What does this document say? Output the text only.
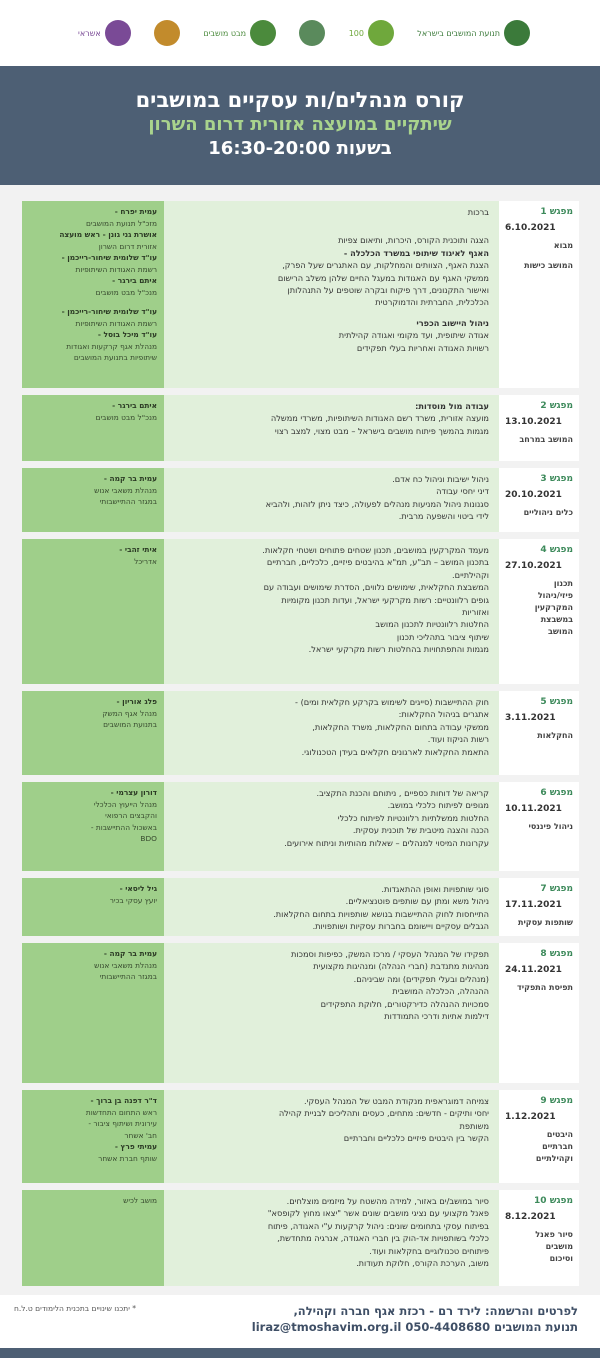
תנועת המושבים בישראל
100
מבט מושבים
אשראי
קורס מנהלים/ות עסקיים במושבים
שיתקיים במועצה אזורית דרום השרון
בשעות 16:30-20:00
מפגש 1
6.10.2021
מבוא
המושב כישות

ברכות

הצגה ותוכנית הקורס, היכרות, ותיאום צפיות

האגף לאיגוד שיתופי במשרד הכלכלה -

הצגת האגף, הצוותים והמחלקות, עם האתגרים שעל הפרק,

ממשקי האגף עם האגודות במעגל החיים שלהן משלב הרישום

ואישור התקנונים, דרך פיקוח ובקרה שוטפים על התנהלותן

הכלכלית, החברתית והדמוקרטית

ניהול היישוב הכפרי

אגודה שיתופית, ועד מקומי ואגודה קהילתית

רשויות האגודה ואחריות בעלי תפקידים

עמית יפרח -
מזכ"ל תנועת המושבים
אושרת גני גונן - ראש מועצה
אזורית דרום השרון
עו"ד שלומית שיחור-רייכמן -
רשמת האגודות השיתופיות
איתם בירגר -
מנכ"ל מבט מושבים
עו"ד שלומית שיחור-רייכמן -
רשמת האגודות השיתופיות
עו"ד מיכל בוסל -
מנהלת אגף קרקעות ואגודות
שיתופיות בתנועת המושבים
מפגש 2
13.10.2021
המושב במרחב

עבודה מול מוסדות:

מועצה אזורית, משרד רשם האגודות השיתופיות, משרדי ממשלה

מגמות בהמשך פיתוח מושבים בישראל – מבט מצוי, למצב רצוי

איתם בירגר -
מנכ"ל מבט מושבים
מפגש 3
20.10.2021
כלים ניהוליים

ניהול ישיבות וניהול כח אדם.

דיני יחסי עבודה

סגנונות ניהול המניעות מנהלים לפעולה, כיצד ניתן לזהות, ולהביא

לידי ביטוי והשפעה מרבית.

עמית בר קמה -
מנהלת משאבי אנוש
במגזר ההתיישבותי
מפגש 4
27.10.2021
תכנון
פיזי/ניהול
המקרקעין
במשבצת
המושב

מעמד המקרקעין במושבים, תכנון שטחים פתוחים ושטחי חקלאות.

בתכנון המושב – תב"ע, תמ"א בהיבטים פיזיים, כלכליים, חברתיים

וקהילתיים.

המשבצת החקלאית, שימושים נלווים, הסדרת שימושים ועבודה עם

גופים רלוונטיים: רשות מקרקעי ישראל, ועדות תכנון מקומיות

ואזוריות

החלטות רלוונטיות לתכנון המושב

שיתוף ציבור בתהליכי תכנון

מגמות והתפתחויות בהחלטות רשות מקרקעי ישראל.

איתי זהבי -
אדריכל
מפגש 5
3.11.2021
החקלאות

חוק ההתיישבות (סייגים לשימוש בקרקע חקלאית ומים) -

אתגרים בניהול החקלאות:

ממשקי עבודה בתחום החקלאות, משרד החקלאות,

רשות הניקוז ועוד.

התאמת החקלאות לארגונים חקלאים בעידן הטכנולוגי.

פלג אוריון -
מנהל אגף המשק
בתנועת המושבים
מפגש 6
10.11.2021
ניהול פיננסי

קריאה של דוחות כספיים , ניתוחם והכנת התקציב.

מגופים לפיתוח כלכלי במושב.

החלטות ממשלתיות רלוונטיות לפיתוח כלכלי

הכנה והצגה מיטבית של תוכנית עסקית.

עקרונות המיסוי למנהלים – שאלות מהותיות וניתוח אירועים.

דורון עצרמי -
מנהל הייעוץ הכלכלי
והקבצים הרפואי
באשכול ההתיישבות -
BDO
מפגש 7
17.11.2021
שותפות עסקית

סוגי שותפויות ואופן ההתאגדות.

ניהול משא ומתן עם שותפים פוטנציאליים.

התייחסות לחוק ההתיישבות בנושא שותפויות בתחום החקלאות.

הגבלים עסקיים ויישומם בחברות עסקיות ושותפויות.

גיל ליסאי -
יועץ עסקי בכיר
מפגש 8
24.11.2021
תפיסת התפקיד

תפקידו של המנהל העסקי / מרכז המשק, כפיפות וסמכות

מנהיגות מתנדבת (חברי הנהלה) ומנהיגות מקצועית

(מנהלים ובעלי תפקידים) ומה שביניהם.

ההנהלה, הכלכלה המושבית

סמכויות ההנהלה כדירקטורים, חלוקת התפקידים

דילמות אתיות ודרכי התמודדות

עמית בר קמה -
מנהלת משאבי אנוש
במגזר ההתיישבותי
מפגש 9
1.12.2021
היבטים
חברתיים
וקהילתיים

צמיחה דמוגראפית מנקודת המבט של המנהל העסקי.

יחסי ותיקים - חדשים: מתחים, כעסים ותהליכים לבניית קהילה

משותפת

הקשר בין היבטים פיזיים כלכליים וחברתיים

ד"ר דפנה בן ברוך -
ראש התחום התחדשות
עירונית ושיתוף ציבור -
חב' אשחר
עמיתי פרץ -
שותף חברת אשחר
מפגש 10
8.12.2021
סיור פאנל
מושבים
וסיכום

סיור במושב/ים באזור, למידה מהשטח על מיזמים מוצלחים.

פאנל מקצועי עם נציגי מושבים שונים אשר "יצאו מחוץ לקופסא"

בפיתוח עסקי בתחומים שונים: ניהול קרקעות ע"י האגודה, פיתוח

כלכלי בשותפויות אד-הוק בין חברי האגודה, אנרגיה מתחדשת,

פיתוחים טכנולוגיים בחקלאות ועוד.

משוב, הערכת הקורס, חלוקת תעודות.

מושב לכיש
לפרטים והרשמה: לירד רם - רכזת אגף חברה וקהילה,
תנועת המושבים 050-4408680 liraz@tmoshavim.org.il
* יתכנו שינויים בתכנית הלימודים ט.ל.ח
